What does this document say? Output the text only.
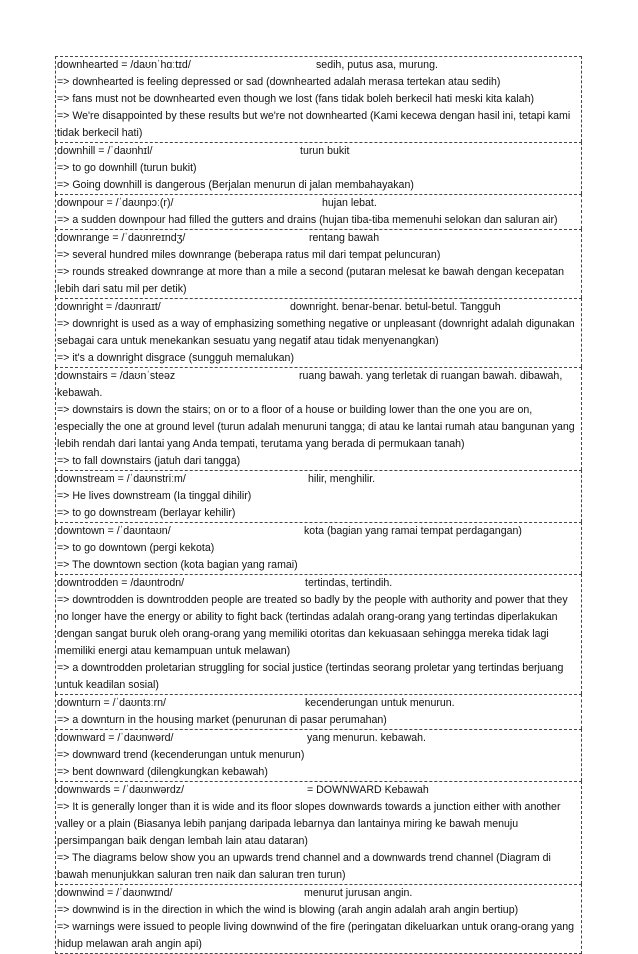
downhearted = /daʊnˈhɑːtɪd/	sedih, putus asa, murung.
=> downhearted is feeling depressed or sad (downhearted adalah merasa tertekan atau sedih)
=> fans must not be downhearted even though we lost (fans tidak boleh berkecil hati meski kita kalah)
=> We're disappointed by these results but we're not downhearted (Kami kecewa dengan hasil ini, tetapi kami tidak berkecil hati)
downhill = /ˈdaʊnhɪl/	turun bukit
=> to go downhill (turun bukit)
=> Going downhill is dangerous (Berjalan menurun di jalan membahayakan)
downpour = /ˈdaʊnpɔː(r)/	hujan lebat.
=> a sudden downpour had filled the gutters and drains (hujan tiba-tiba memenuhi selokan dan saluran air)
downrange = /ˈdaʊnreɪndʒ/	rentang bawah
=> several hundred miles downrange (beberapa ratus mil dari tempat peluncuran)
=> rounds streaked downrange at more than a mile a second (putaran melesat ke bawah dengan kecepatan lebih dari satu mil per detik)
downright = /daʊnraɪt/	downright. benar-benar. betul-betul. Tangguh
=> downright is used as a way of emphasizing something negative or unpleasant (downright adalah digunakan sebagai cara untuk menekankan sesuatu yang negatif atau tidak menyenangkan)
=> it's a downright disgrace (sungguh memalukan)
downstairs = /daʊnˈsteəz	ruang bawah. yang terletak di ruangan bawah. dibawah, kebawah.
=> downstairs is down the stairs; on or to a floor of a house or building lower than the one you are on, especially the one at ground level (turun adalah menuruni tangga; di atau ke lantai rumah atau bangunan yang lebih rendah dari lantai yang Anda tempati, terutama yang berada di permukaan tanah)
=> to fall downstairs (jatuh dari tangga)
downstream = /ˈdaʊnstriːm/	hilir, menghilir.
=> He lives downstream (Ia tinggal dihilir)
=> to go downstream (berlayar kehilir)
downtown = /ˈdaʊntaʊn/	kota (bagian yang ramai tempat perdagangan)
=> to go downtown (pergi kekota)
=> The downtown section (kota bagian yang ramai)
downtrodden = /daʊntrodn/	tertindas, tertindih.
=> downtrodden is downtrodden people are treated so badly by the people with authority and power that they no longer have the energy or ability to fight back (tertindas adalah orang-orang yang tertindas diperlakukan dengan sangat buruk oleh orang-orang yang memiliki otoritas dan kekuasaan sehingga mereka tidak lagi memiliki energi atau kemampuan untuk melawan)
=> a downtrodden proletarian struggling for social justice (tertindas seorang proletar yang tertindas berjuang untuk keadilan sosial)
downturn = /ˈdaʊntɜːrn/	kecenderungan untuk menurun.
=> a downturn in the housing market (penurunan di pasar perumahan)
downward = /ˈdaʊnwərd/	yang menurun. kebawah.
=> downward trend (kecenderungan untuk menurun)
=> bent downward (dilengkungkan kebawah)
downwards = /ˈdaʊnwərdz/	= DOWNWARD Kebawah
=> It is generally longer than it is wide and its floor slopes downwards towards a junction either with another valley or a plain (Biasanya lebih panjang daripada lebarnya dan lantainya miring ke bawah menuju persimpangan baik dengan lembah lain atau dataran)
=> The diagrams below show you an upwards trend channel and a downwards trend channel (Diagram di bawah menunjukkan saluran tren naik dan saluran tren turun)
downwind = /ˈdaʊnwɪnd/	menurut jurusan angin.
=> downwind is in the direction in which the wind is blowing (arah angin adalah arah angin bertiup)
=> warnings were issued to people living downwind of the fire (peringatan dikeluarkan untuk orang-orang yang hidup melawan arah angin api)
